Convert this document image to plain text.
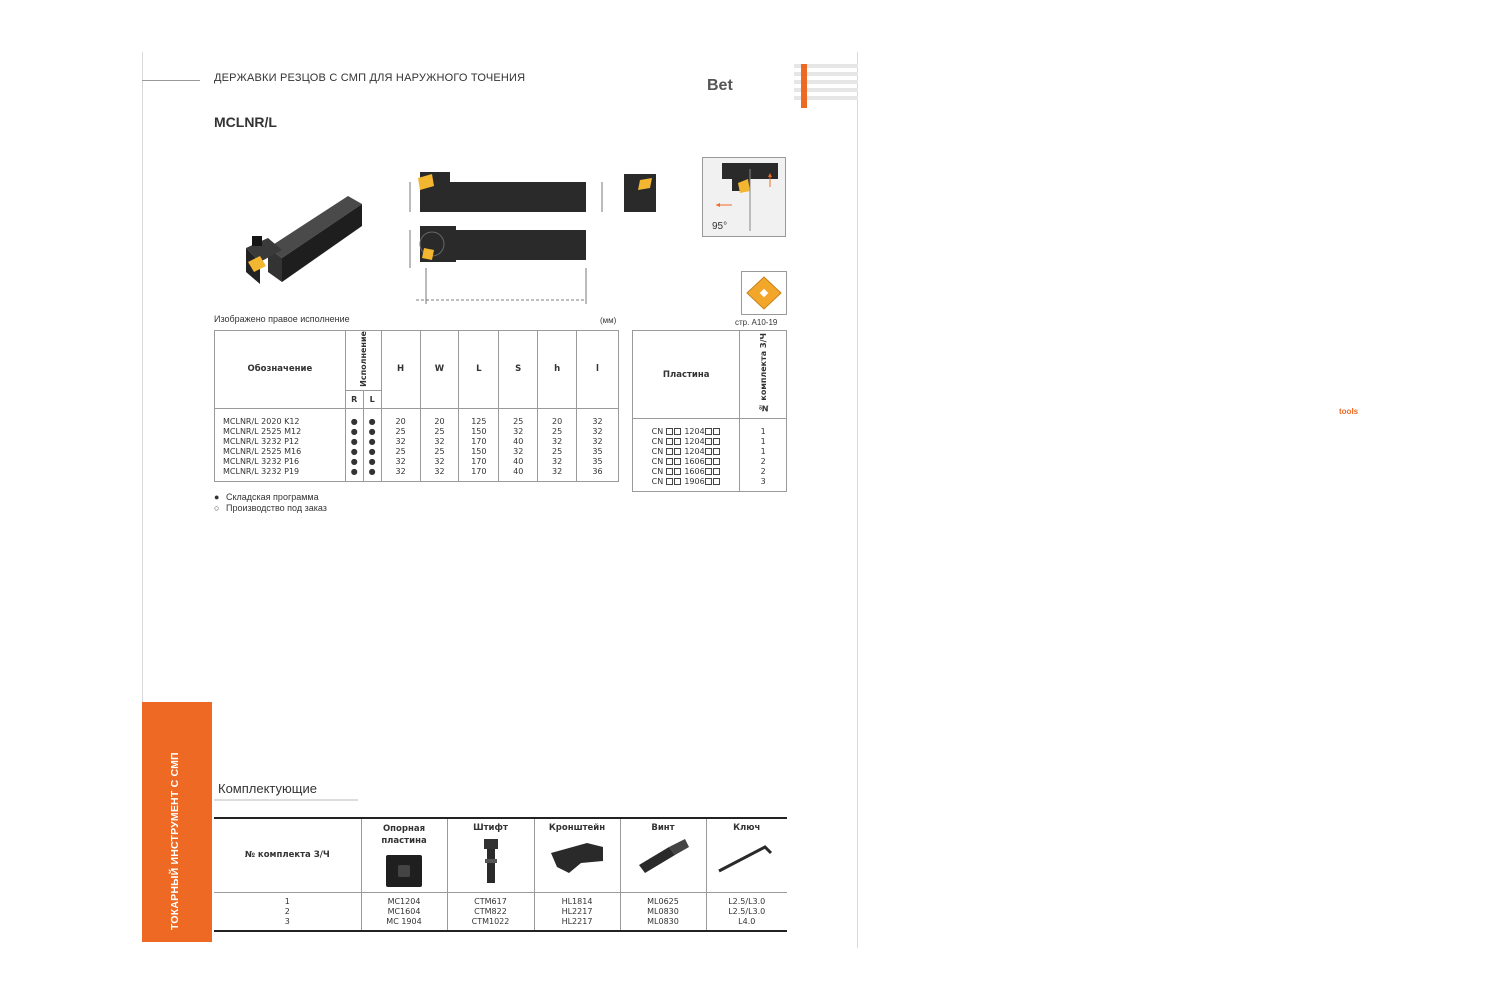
ДЕРЖАВКИ РЕЗЦОВ С СМП ДЛЯ НАРУЖНОГО ТОЧЕНИЯ	Bet
tools
MCLNR/L
95°
Изображено правое исполнение	(мм)	стр. A10-19
Обозначение	Исполнение		H	W	L	S	h	l
	R	L						
MCLNR/L 2020 K12	●	●	20	20	125	25	20	32
MCLNR/L 2525 M12	●	●	25	25	150	32	25	32
MCLNR/L 3232 P12	●	●	32	32	170	40	32	32
MCLNR/L 2525 M16	●	●	25	25	150	32	25	35
MCLNR/L 3232 P16	●	●	32	32	170	40	32	35
MCLNR/L 3232 P19	●	●	32	32	170	40	32	36
Пластина	№ комплекта З/Ч
CN 1204	1
CN 1204	1
CN 1204	1
CN 1606	2
CN 1606	2
CN 1906	3
● Складская программа
○ Производство под заказ
ТОКАРНЫЙ ИНСТРУМЕНТ С СМП	Комплектующие
№ комплекта З/Ч	Опорная пластина	Штифт	Кронштейн	Винт	Ключ

1	MC1204	CTM617	HL1814	ML0625	L2.5/L3.0
2	MC1604	CTM822	HL2217	ML0830	L2.5/L3.0
3	MC 1904	CTM1022	HL2217	ML0830	L4.0
